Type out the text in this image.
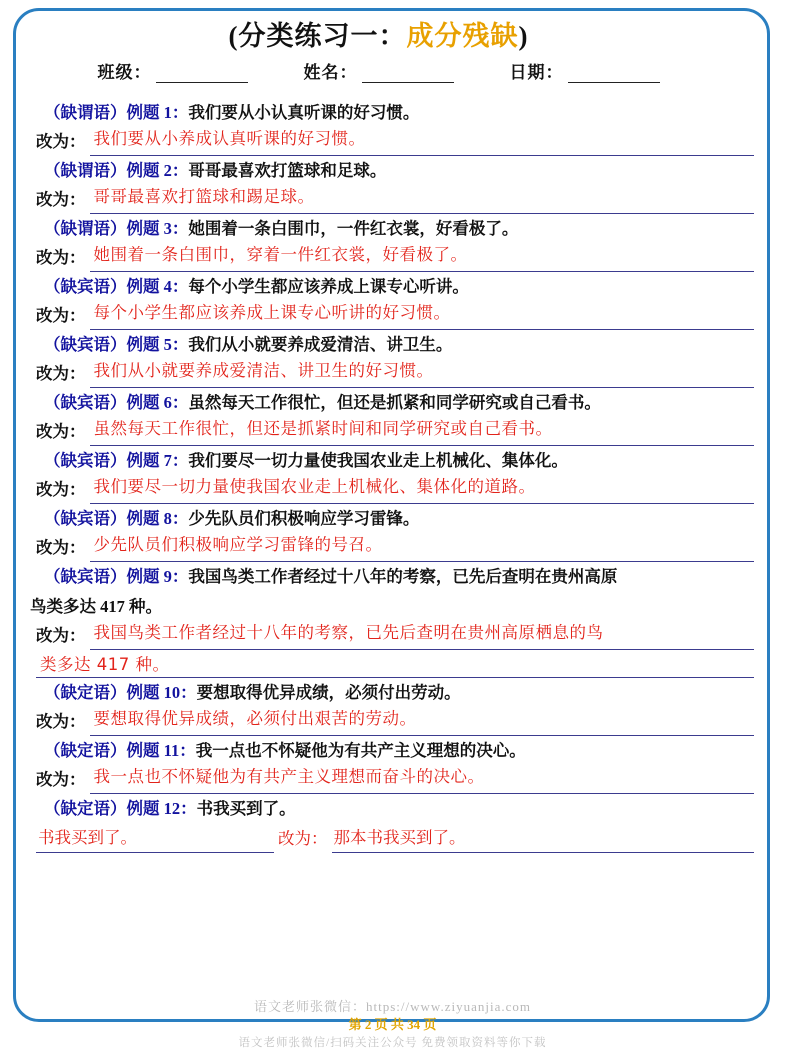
(分类练习一：成分残缺)
班级：	姓名：	日期：
（缺谓语）例题 1：我们要从小认真听课的好习惯。
改为： 我们要从小养成认真听课的好习惯。
（缺谓语）例题 2：哥哥最喜欢打篮球和足球。
改为： 哥哥最喜欢打篮球和踢足球。
（缺谓语）例题 3：她围着一条白围巾，一件红衣裳，好看极了。
改为： 她围着一条白围巾，穿着一件红衣裳，好看极了。
（缺宾语）例题 4：每个小学生都应该养成上课专心听讲。
改为： 每个小学生都应该养成上课专心听讲的好习惯。
（缺宾语）例题 5：我们从小就要养成爱清洁、讲卫生。
改为： 我们从小就要养成爱清洁、讲卫生的好习惯。
（缺宾语）例题 6：虽然每天工作很忙，但还是抓紧和同学研究或自己看书。
改为： 虽然每天工作很忙，但还是抓紧时间和同学研究或自己看书。
（缺宾语）例题 7：我们要尽一切力量使我国农业走上机械化、集体化。
改为： 我们要尽一切力量使我国农业走上机械化、集体化的道路。
（缺宾语）例题 8：少先队员们积极响应学习雷锋。
改为： 少先队员们积极响应学习雷锋的号召。
（缺宾语）例题 9：我国鸟类工作者经过十八年的考察，已先后查明在贵州高原
鸟类多达 417 种。
改为： 我国鸟类工作者经过十八年的考察，已先后查明在贵州高原栖息的鸟
类多达 417 种。
（缺定语）例题 10：要想取得优异成绩，必须付出劳动。
改为： 要想取得优异成绩，必须付出艰苦的劳动。
（缺定语）例题 11：我一点也不怀疑他为有共产主义理想的决心。
改为： 我一点也不怀疑他为有共产主义理想而奋斗的决心。
（缺定语）例题 12：书我买到了。
书我买到了。	改为： 那本书我买到了。
语文老师张微信：https://www.ziyuanjia.com
第 2 页 共 34 页
语文老师张微信/扫码关注公众号 免费领取资料等你下载
